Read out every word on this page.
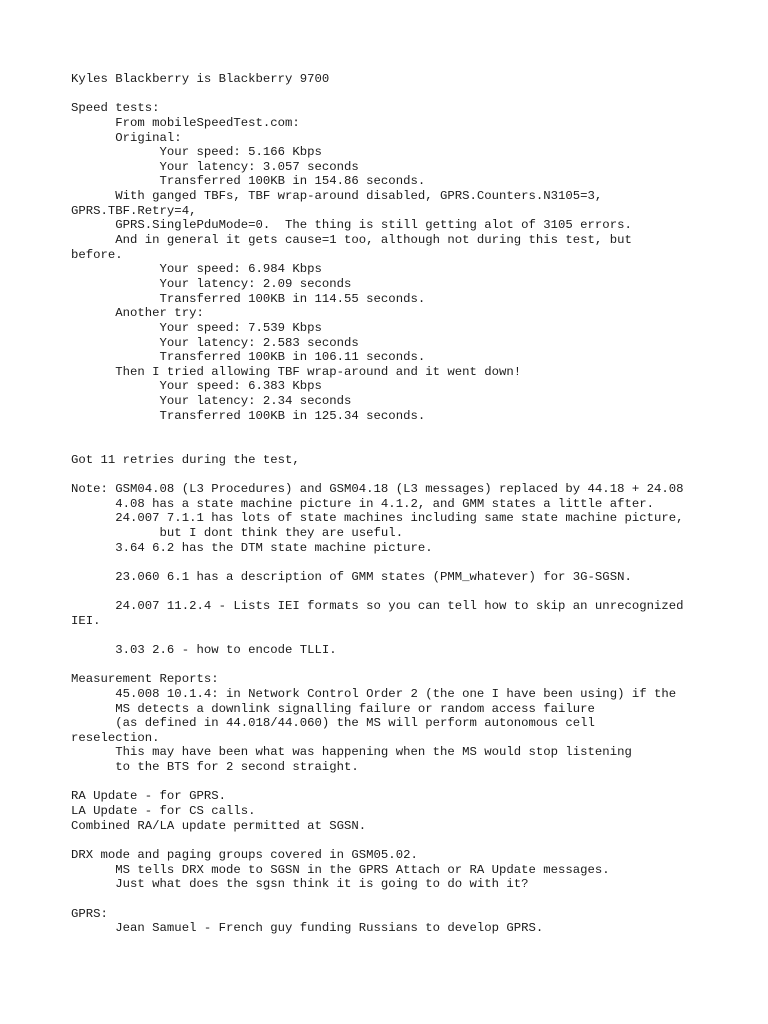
Kyles Blackberry is Blackberry 9700
Speed tests:
From mobileSpeedTest.com:
Original:
Your speed: 5.166 Kbps
Your latency: 3.057 seconds
Transferred 100KB in 154.86 seconds.
With ganged TBFs, TBF wrap-around disabled, GPRS.Counters.N3105=3,
GPRS.TBF.Retry=4,
GPRS.SinglePduMode=0.  The thing is still getting alot of 3105 errors.
And in general it gets cause=1 too, although not during this test, but
before.
Your speed: 6.984 Kbps
Your latency: 2.09 seconds
Transferred 100KB in 114.55 seconds.
Another try:
Your speed: 7.539 Kbps
Your latency: 2.583 seconds
Transferred 100KB in 106.11 seconds.
Then I tried allowing TBF wrap-around and it went down!
Your speed: 6.383 Kbps
Your latency: 2.34 seconds
Transferred 100KB in 125.34 seconds.
Got 11 retries during the test,
Note: GSM04.08 (L3 Procedures) and GSM04.18 (L3 messages) replaced by 44.18 + 24.08
4.08 has a state machine picture in 4.1.2, and GMM states a little after.
24.007 7.1.1 has lots of state machines including same state machine picture,
but I dont think they are useful.
3.64 6.2 has the DTM state machine picture.
23.060 6.1 has a description of GMM states (PMM_whatever) for 3G-SGSN.
24.007 11.2.4 - Lists IEI formats so you can tell how to skip an unrecognized
IEI.
3.03 2.6 - how to encode TLLI.
Measurement Reports:
45.008 10.1.4: in Network Control Order 2 (the one I have been using) if the
MS detects a downlink signalling failure or random access failure
(as defined in 44.018/44.060) the MS will perform autonomous cell
reselection.
This may have been what was happening when the MS would stop listening
to the BTS for 2 second straight.
RA Update - for GPRS.
LA Update - for CS calls.
Combined RA/LA update permitted at SGSN.
DRX mode and paging groups covered in GSM05.02.
MS tells DRX mode to SGSN in the GPRS Attach or RA Update messages.
Just what does the sgsn think it is going to do with it?
GPRS:
Jean Samuel - French guy funding Russians to develop GPRS.
